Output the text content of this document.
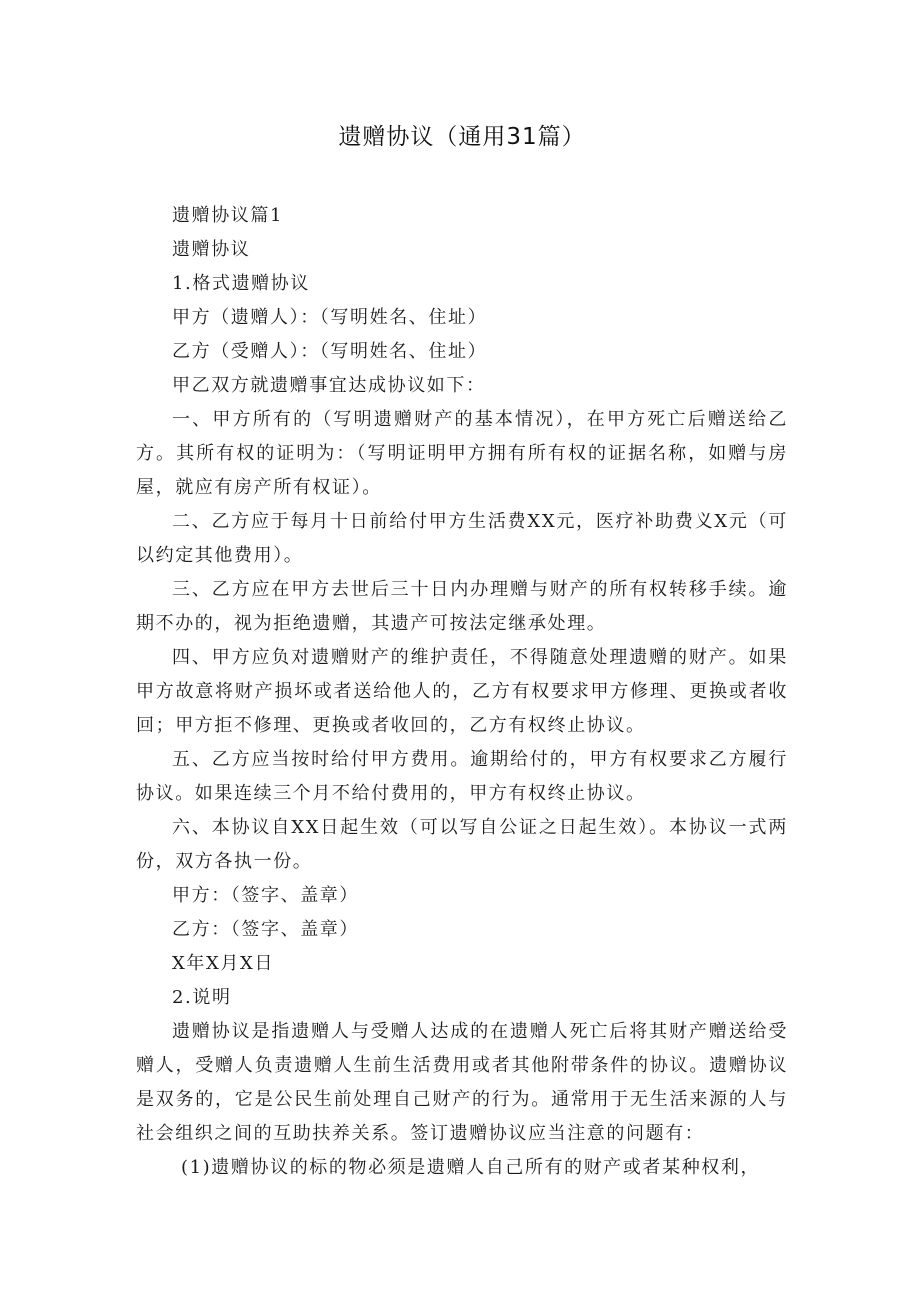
遗赠协议（通用31篇）

遗赠协议篇1

遗赠协议

1.格式遗赠协议

甲方（遗赠人）：（写明姓名、住址）

乙方（受赠人）：（写明姓名、住址）

甲乙双方就遗赠事宜达成协议如下：

一、甲方所有的（写明遗赠财产的基本情况），在甲方死亡后赠送给乙方。其所有权的证明为：（写明证明甲方拥有所有权的证据名称，如赠与房屋，就应有房产所有权证）。

二、乙方应于每月十日前给付甲方生活费XX元，医疗补助费义X元（可以约定其他费用）。

三、乙方应在甲方去世后三十日内办理赠与财产的所有权转移手续。逾期不办的，视为拒绝遗赠，其遗产可按法定继承处理。

四、甲方应负对遗赠财产的维护责任，不得随意处理遗赠的财产。如果甲方故意将财产损坏或者送给他人的，乙方有权要求甲方修理、更换或者收回；甲方拒不修理、更换或者收回的，乙方有权终止协议。

五、乙方应当按时给付甲方费用。逾期给付的，甲方有权要求乙方履行协议。如果连续三个月不给付费用的，甲方有权终止协议。

六、本协议自XX日起生效（可以写自公证之日起生效）。本协议一式两份，双方各执一份。

甲方：（签字、盖章）

乙方：（签字、盖章）

X年X月X日

2.说明

遗赠协议是指遗赠人与受赠人达成的在遗赠人死亡后将其财产赠送给受赠人，受赠人负责遗赠人生前生活费用或者其他附带条件的协议。遗赠协议是双务的，它是公民生前处理自己财产的行为。通常用于无生活来源的人与社会组织之间的互助扶养关系。签订遗赠协议应当注意的问题有：

(1)遗赠协议的标的物必须是遗赠人自己所有的财产或者某种权利，
